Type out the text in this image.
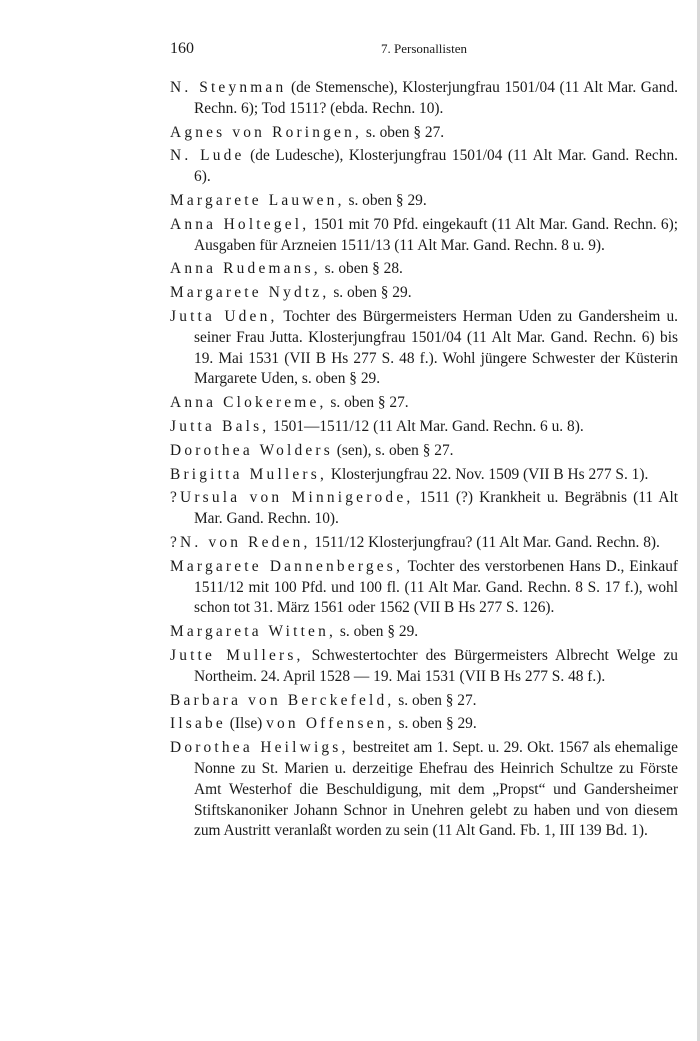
160	7. Personallisten

N. Steynman (de Stemensche), Klosterjungfrau 1501/04 (11 Alt Mar. Gand. Rechn. 6); Tod 1511? (ebda. Rechn. 10).

Agnes von Roringen, s. oben § 27.

N. Lude (de Ludesche), Klosterjungfrau 1501/04 (11 Alt Mar. Gand. Rechn. 6).

Margarete Lauwen, s. oben § 29.

Anna Holtegel, 1501 mit 70 Pfd. eingekauft (11 Alt Mar. Gand. Rechn. 6); Ausgaben für Arzneien 1511/13 (11 Alt Mar. Gand. Rechn. 8 u. 9).

Anna Rudemans, s. oben § 28.

Margarete Nydtz, s. oben § 29.

Jutta Uden, Tochter des Bürgermeisters Herman Uden zu Gandersheim u. seiner Frau Jutta. Klosterjungfrau 1501/04 (11 Alt Mar. Gand. Rechn. 6) bis 19. Mai 1531 (VII B Hs 277 S. 48 f.). Wohl jüngere Schwester der Küsterin Margarete Uden, s. oben § 29.

Anna Clokereme, s. oben § 27.

Jutta Bals, 1501—1511/12 (11 Alt Mar. Gand. Rechn. 6 u. 8).

Dorothea Wolders (sen), s. oben § 27.

Brigitta Mullers, Klosterjungfrau 22. Nov. 1509 (VII B Hs 277 S. 1).

?Ursula von Minnigerode, 1511 (?) Krankheit u. Begräbnis (11 Alt Mar. Gand. Rechn. 10).

?N. von Reden, 1511/12 Klosterjungfrau? (11 Alt Mar. Gand. Rechn. 8).

Margarete Dannenberges, Tochter des verstorbenen Hans D., Einkauf 1511/12 mit 100 Pfd. und 100 fl. (11 Alt Mar. Gand. Rechn. 8 S. 17 f.), wohl schon tot 31. März 1561 oder 1562 (VII B Hs 277 S. 126).

Margareta Witten, s. oben § 29.

Jutte Mullers, Schwestertochter des Bürgermeisters Albrecht Welge zu Northeim. 24. April 1528 — 19. Mai 1531 (VII B Hs 277 S. 48 f.).

Barbara von Berckefeld, s. oben § 27.

Ilsabe (Ilse) von Offensen, s. oben § 29.

Dorothea Heilwigs, bestreitet am 1. Sept. u. 29. Okt. 1567 als ehemalige Nonne zu St. Marien u. derzeitige Ehefrau des Heinrich Schultze zu Förste Amt Westerhof die Beschuldigung, mit dem „Propst“ und Gandersheimer Stiftskanoniker Johann Schnor in Unehren gelebt zu haben und von diesem zum Austritt veranlaßt worden zu sein (11 Alt Gand. Fb. 1, III 139 Bd. 1).
